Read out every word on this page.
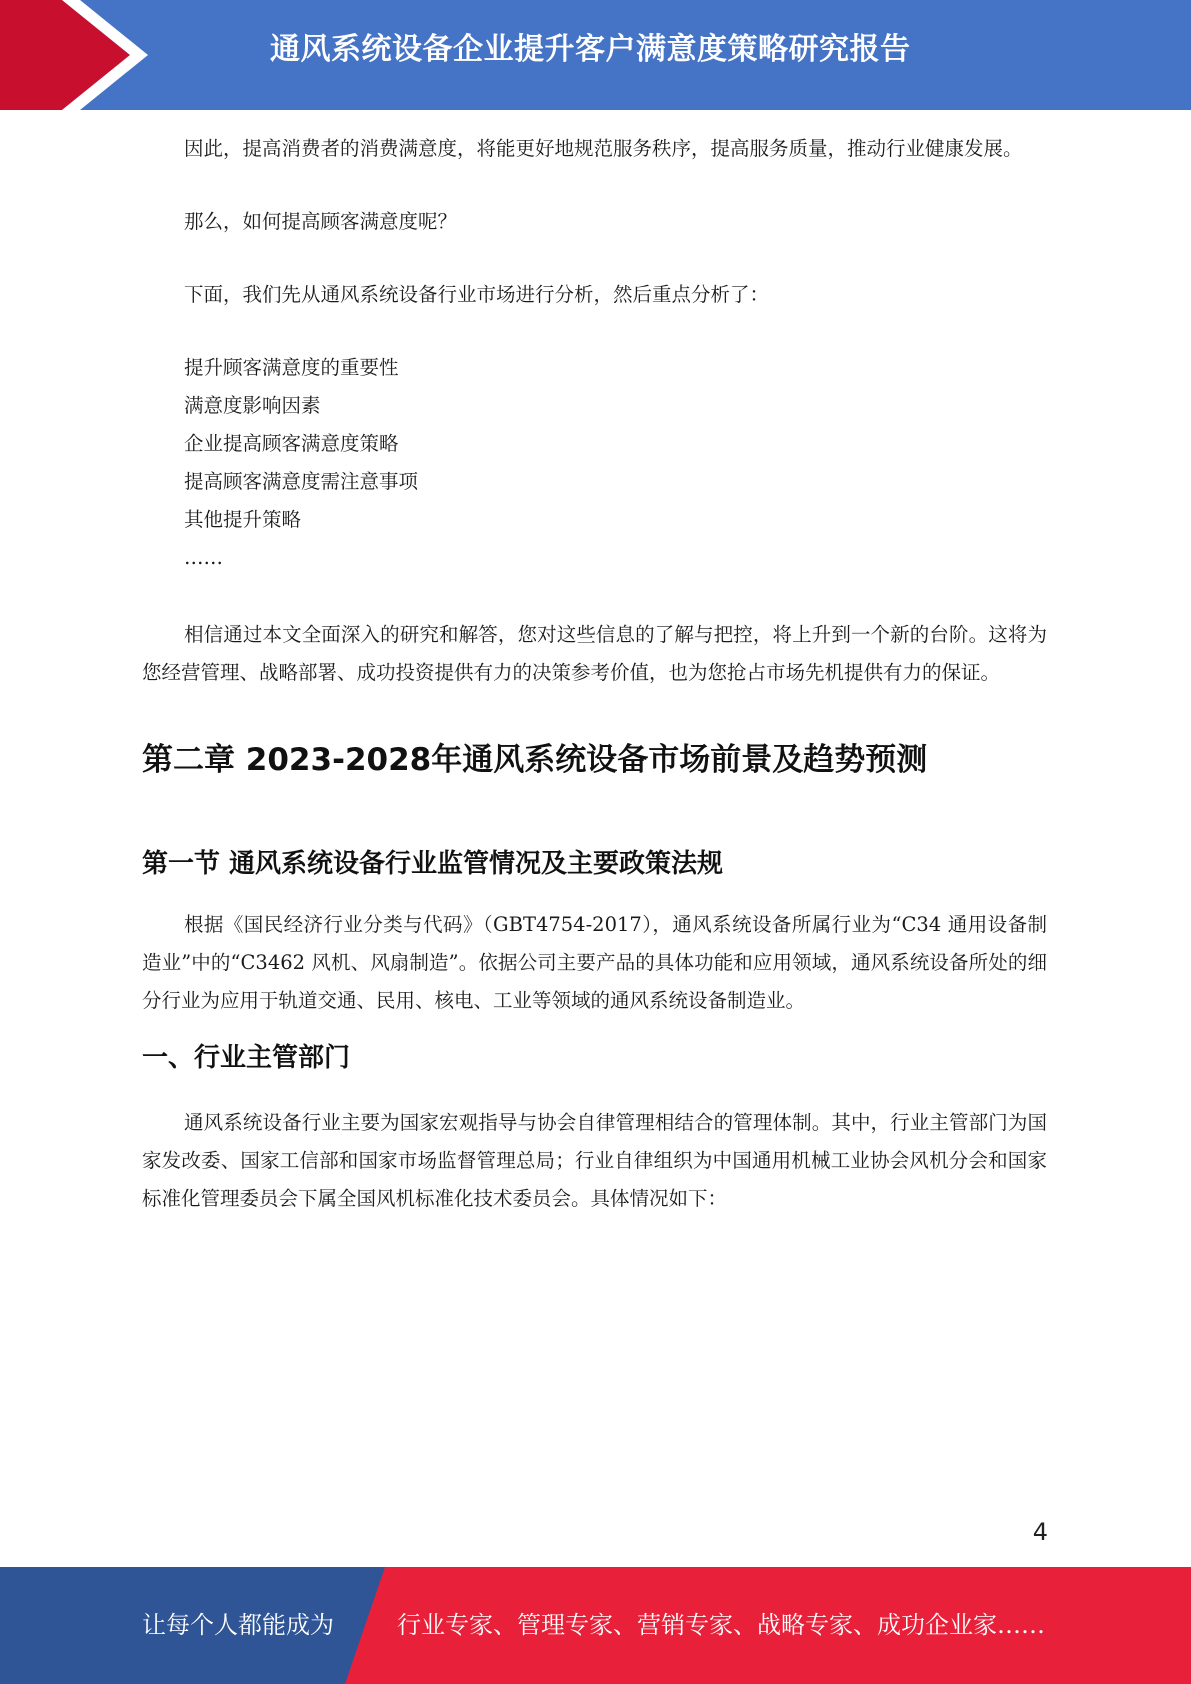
通风系统设备企业提升客户满意度策略研究报告

因此，提高消费者的消费满意度，将能更好地规范服务秩序，提高服务质量，推动行业健康发展。

那么，如何提高顾客满意度呢？

下面，我们先从通风系统设备行业市场进行分析，然后重点分析了：

提升顾客满意度的重要性
满意度影响因素
企业提高顾客满意度策略
提高顾客满意度需注意事项
其他提升策略
……

相信通过本文全面深入的研究和解答，您对这些信息的了解与把控，将上升到一个新的台阶。这将为您经营管理、战略部署、成功投资提供有力的决策参考价值，也为您抢占市场先机提供有力的保证。

第二章 2023-2028年通风系统设备市场前景及趋势预测
第一节 通风系统设备行业监管情况及主要政策法规

根据《国民经济行业分类与代码》（GBT4754-2017），通风系统设备所属行业为“C34 通用设备制造业”中的“C3462 风机、风扇制造”。依据公司主要产品的具体功能和应用领域，通风系统设备所处的细分行业为应用于轨道交通、民用、核电、工业等领域的通风系统设备制造业。

一、行业主管部门

通风系统设备行业主要为国家宏观指导与协会自律管理相结合的管理体制。其中，行业主管部门为国家发改委、国家工信部和国家市场监督管理总局；行业自律组织为中国通用机械工业协会风机分会和国家标准化管理委员会下属全国风机标准化技术委员会。具体情况如下：

4
让每个人都能成为	行业专家、管理专家、营销专家、战略专家、成功企业家……
